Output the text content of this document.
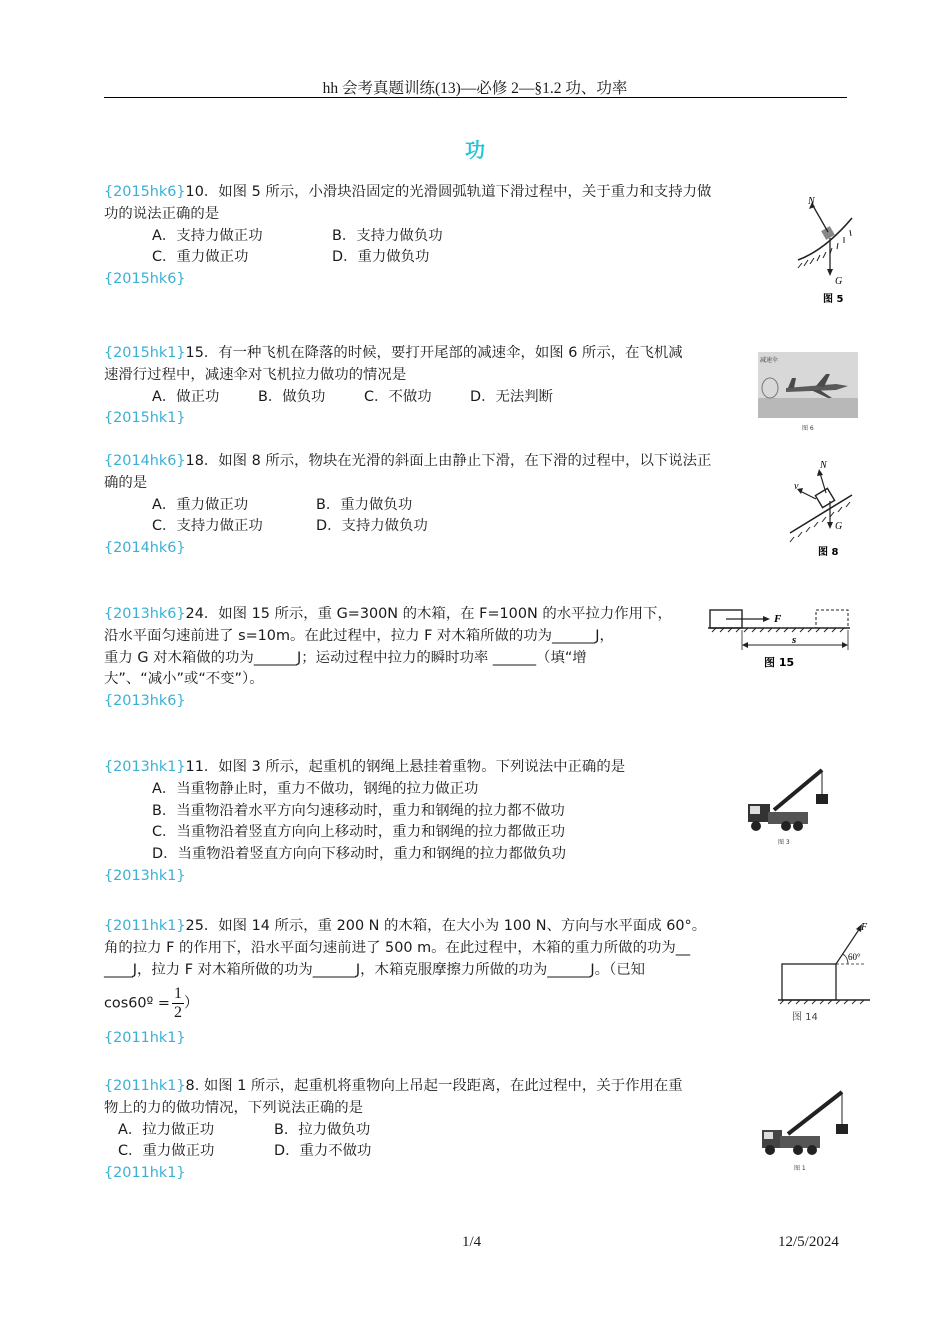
hh 会考真题训练(13)—必修 2—§1.2 功、功率
功

{2015hk6}10．如图 5 所示，小滑块沿固定的光滑圆弧轨道下滑过程中，关于重力和支持力做

功的说法正确的是

A．支持力做正功	B．支持力做负功

C．重力做正功	D．重力做负功

{2015hk6}

N
G
图 5

{2015hk1}15．有一种飞机在降落的时候，要打开尾部的减速伞，如图 6 所示，在飞机减

速滑行过程中，减速伞对飞机拉力做功的情况是

A．做正功	B．做负功	C．不做功	D．无法判断

{2015hk1}

减速伞
图 6

{2014hk6}18．如图 8 所示，物块在光滑的斜面上由静止下滑，在下滑的过程中，以下说法正

确的是

A．重力做正功	B．重力做负功

C．支持力做正功	D．支持力做负功

{2014hk6}

N
v
G
图 8

{2013hk6}24．如图 15 所示，重 G=300N 的木箱，在 F=100N 的水平拉力作用下，

沿水平面匀速前进了 s=10m。在此过程中，拉力 F 对木箱所做的功为______J，

重力 G 对木箱做的功为______J；运动过程中拉力的瞬时功率 ______（填“增

大”、“减小”或“不变”）。

{2013hk6}

F
s
图 15

{2013hk1}11．如图 3 所示，起重机的钢绳上悬挂着重物。下列说法中正确的是

A．当重物静止时，重力不做功，钢绳的拉力做正功

B．当重物沿着水平方向匀速移动时，重力和钢绳的拉力都不做功

C．当重物沿着竖直方向向上移动时，重力和钢绳的拉力都做正功

D．当重物沿着竖直方向向下移动时，重力和钢绳的拉力都做负功

{2013hk1}

图 3

{2011hk1}25．如图 14 所示，重 200 N 的木箱，在大小为 100 N、方向与水平面成 60°。

角的拉力 F 的作用下，沿水平面匀速前进了 500 m。在此过程中，木箱的重力所做的功为__

____J，拉力 F 对木箱所做的功为______J，木箱克服摩擦力所做的功为______J。（已知

cos60º = $\frac{1}{2}$）

{2011hk1}

F
60°
图 14

{2011hk1}8. 如图 1 所示，起重机将重物向上吊起一段距离，在此过程中，关于作用在重

物上的力的做功情况，下列说法正确的是

A．拉力做正功	B．拉力做负功

C．重力做正功	D．重力不做功

{2011hk1}	图 1
1/4	12/5/2024
